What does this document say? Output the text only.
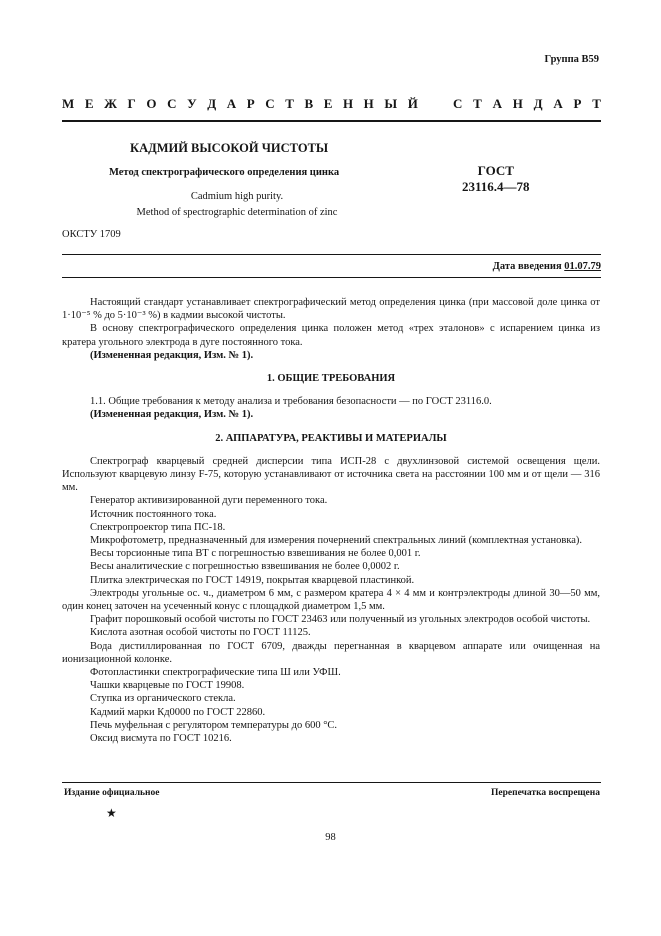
Группа В59
М Е Ж Г О С У Д А Р С Т В Е Н Н Ы Й	С Т А Н Д А Р Т
КАДМИЙ ВЫСОКОЙ ЧИСТОТЫ
Метод спектрографического определения цинка
Cadmium high purity.
Method of spectrographic determination of zinc
ГОСТ
23116.4—78
ОКСТУ 1709
Дата введения 01.07.79

Настоящий стандарт устанавливает спектрографический метод определения цинка (при массовой доле цинка от 1·10⁻⁵ % до 5·10⁻³ %) в кадмии высокой чистоты.

В основу спектрографического определения цинка положен метод «трех эталонов» с испарением цинка из кратера угольного электрода в дуге постоянного тока.

(Измененная редакция, Изм. № 1).

1. ОБЩИЕ ТРЕБОВАНИЯ

1.1. Общие требования к методу анализа и требования безопасности — по ГОСТ 23116.0.

(Измененная редакция, Изм. № 1).

2. АППАРАТУРА, РЕАКТИВЫ И МАТЕРИАЛЫ

Спектрограф кварцевый средней дисперсии типа ИСП-28 с двухлинзовой системой освещения щели. Используют кварцевую линзу F-75, которую устанавливают от источника света на расстоянии 100 мм и от щели — 316 мм.

Генератор активизированной дуги переменного тока.

Источник постоянного тока.

Спектропроектор типа ПС-18.

Микрофотометр, предназначенный для измерения почернений спектральных линий (комплектная установка).

Весы торсионные типа ВТ с погрешностью взвешивания не более 0,001 г.

Весы аналитические с погрешностью взвешивания не более 0,0002 г.

Плитка электрическая по ГОСТ 14919, покрытая кварцевой пластинкой.

Электроды угольные ос. ч., диаметром 6 мм, с размером кратера 4 × 4 мм и контрэлектроды длиной 30—50 мм, один конец заточен на усеченный конус с площадкой диаметром 1,5 мм.

Графит порошковый особой чистоты по ГОСТ 23463 или полученный из угольных электродов особой чистоты.

Кислота азотная особой чистоты по ГОСТ 11125.

Вода дистиллированная по ГОСТ 6709, дважды перегнанная в кварцевом аппарате или очищенная на ионизационной колонке.

Фотопластинки спектрографические типа Ш или УФШ.

Чашки кварцевые по ГОСТ 19908.

Ступка из органического стекла.

Кадмий марки Кд0000 по ГОСТ 22860.

Печь муфельная с регулятором температуры до 600 °С.

Оксид висмута по ГОСТ 10216.

Издание официальное	Перепечатка воспрещена
★
98
